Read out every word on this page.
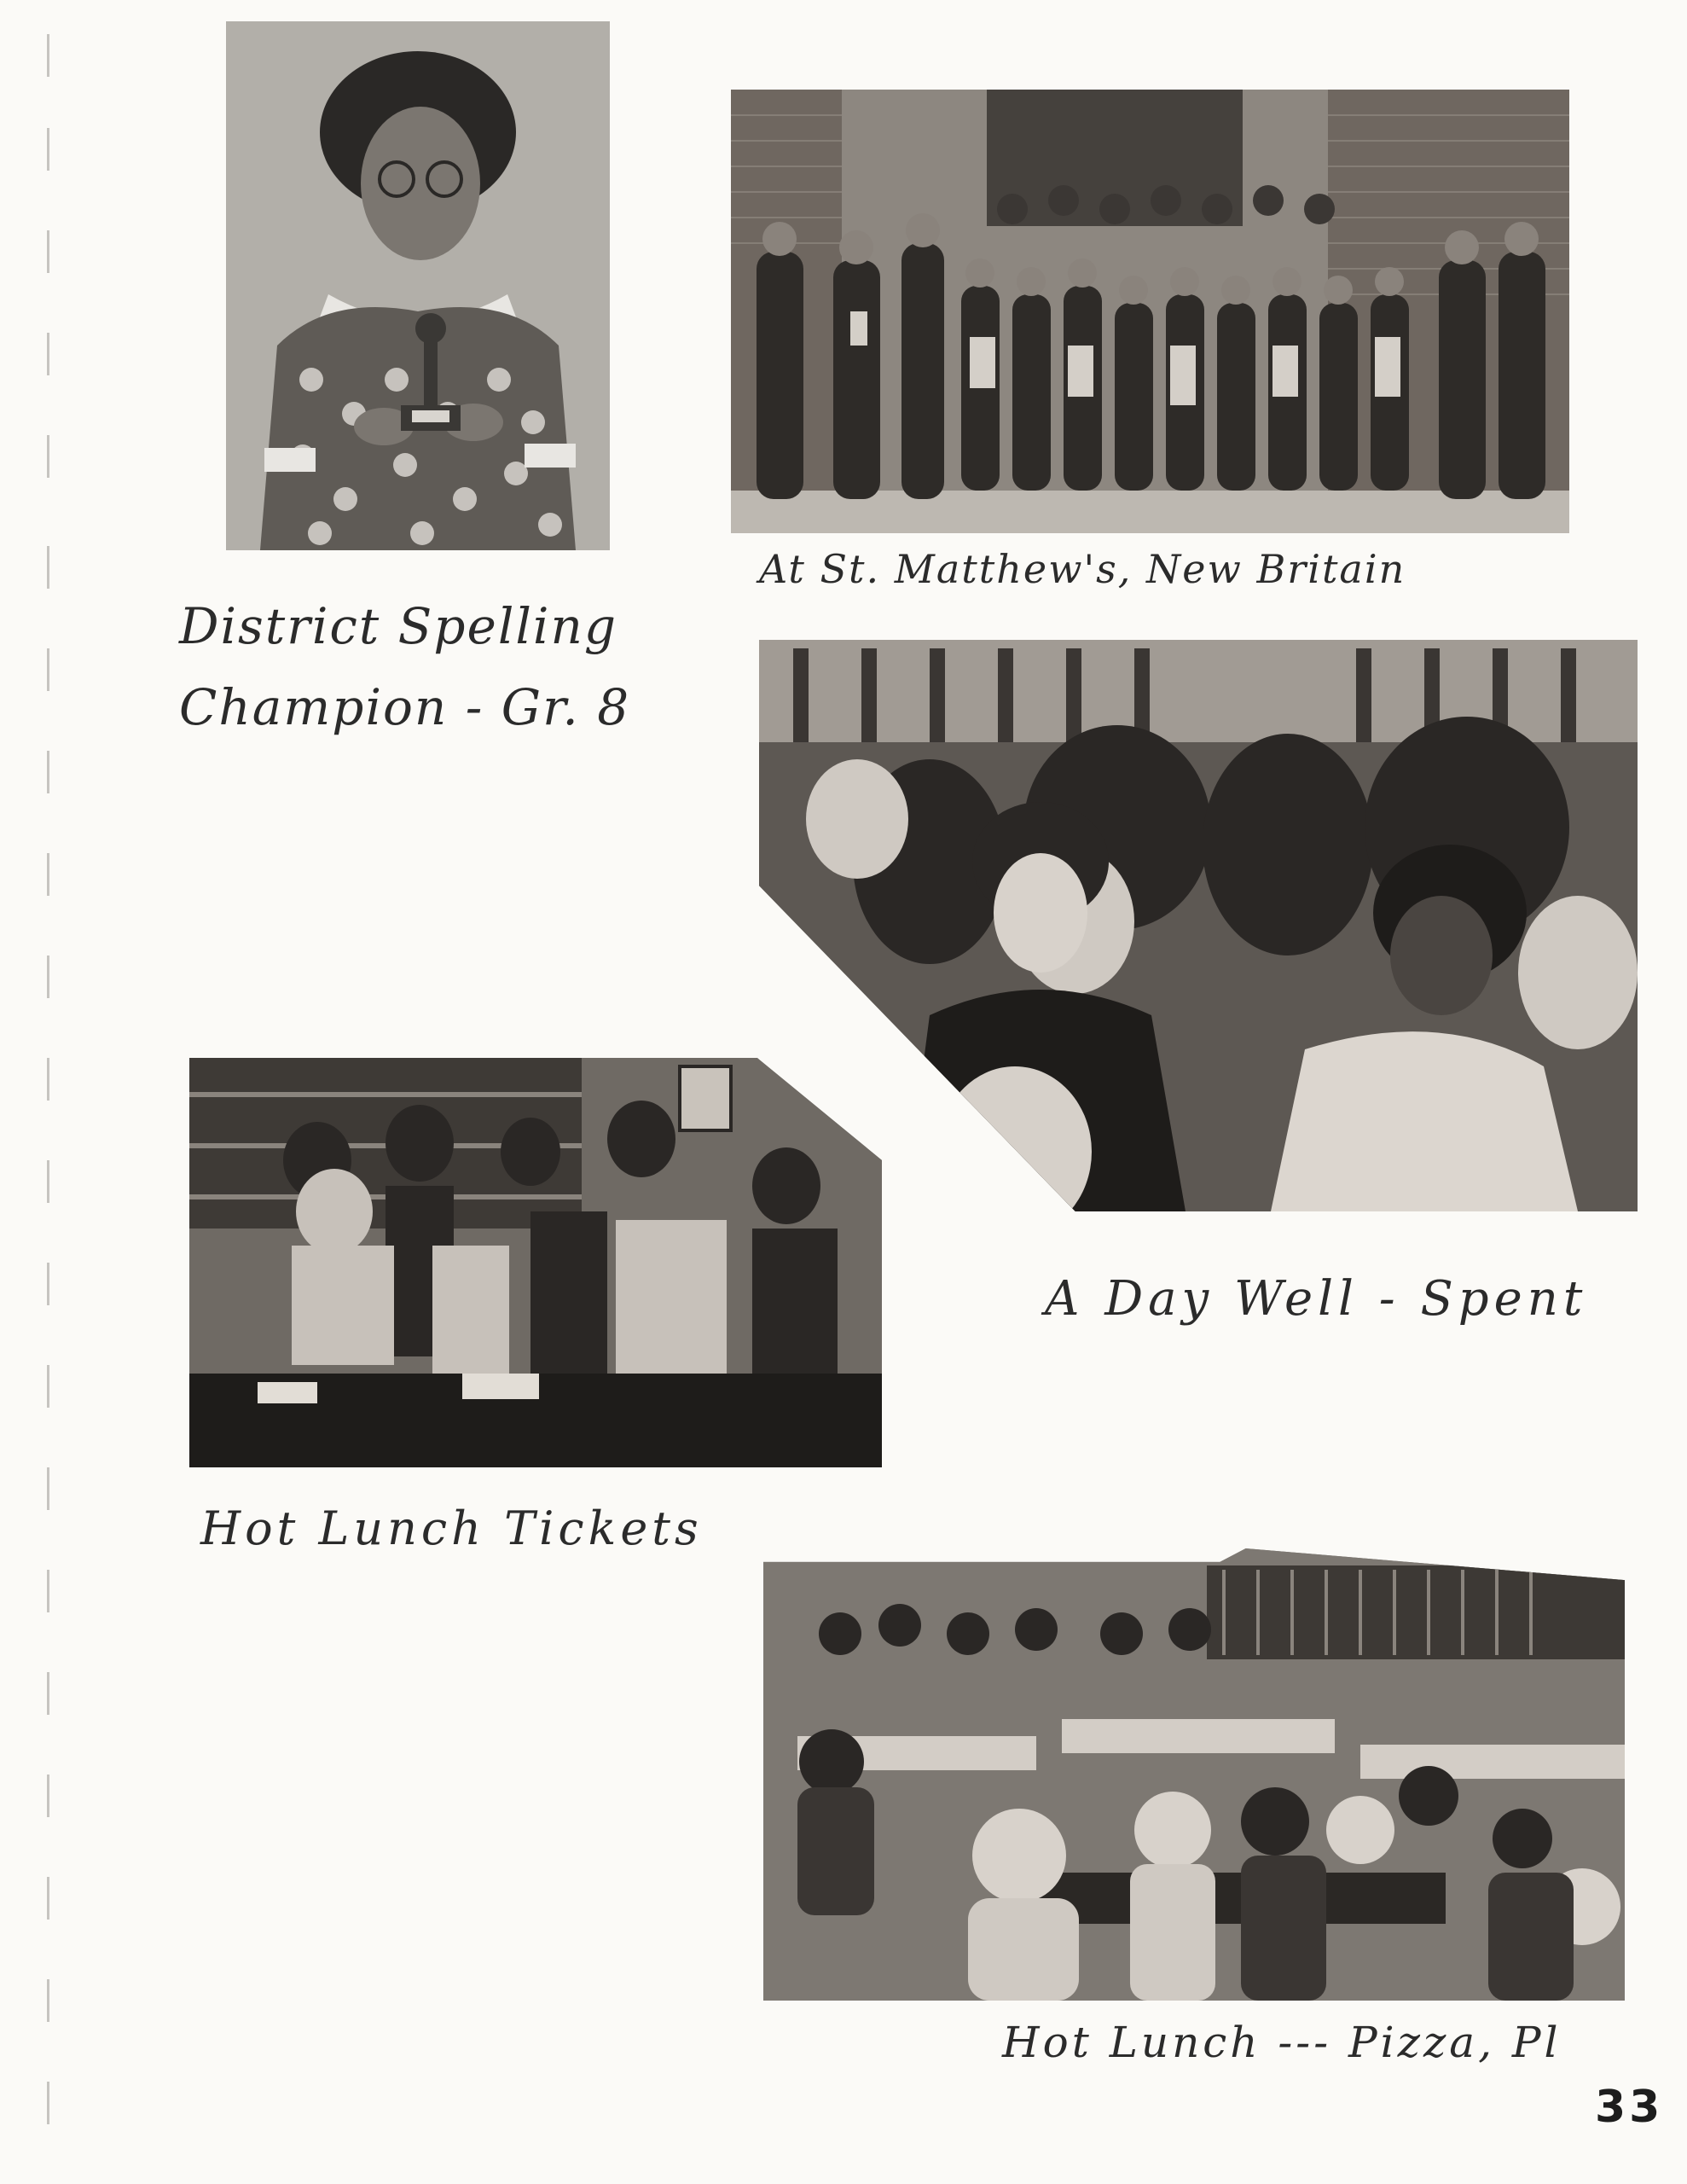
At St. Matthew's, New Britain
District Spelling
Champion - Gr. 8
A Day Well - Spent
Hot Lunch Tickets
Hot Lunch --- Pizza, Pl
33
